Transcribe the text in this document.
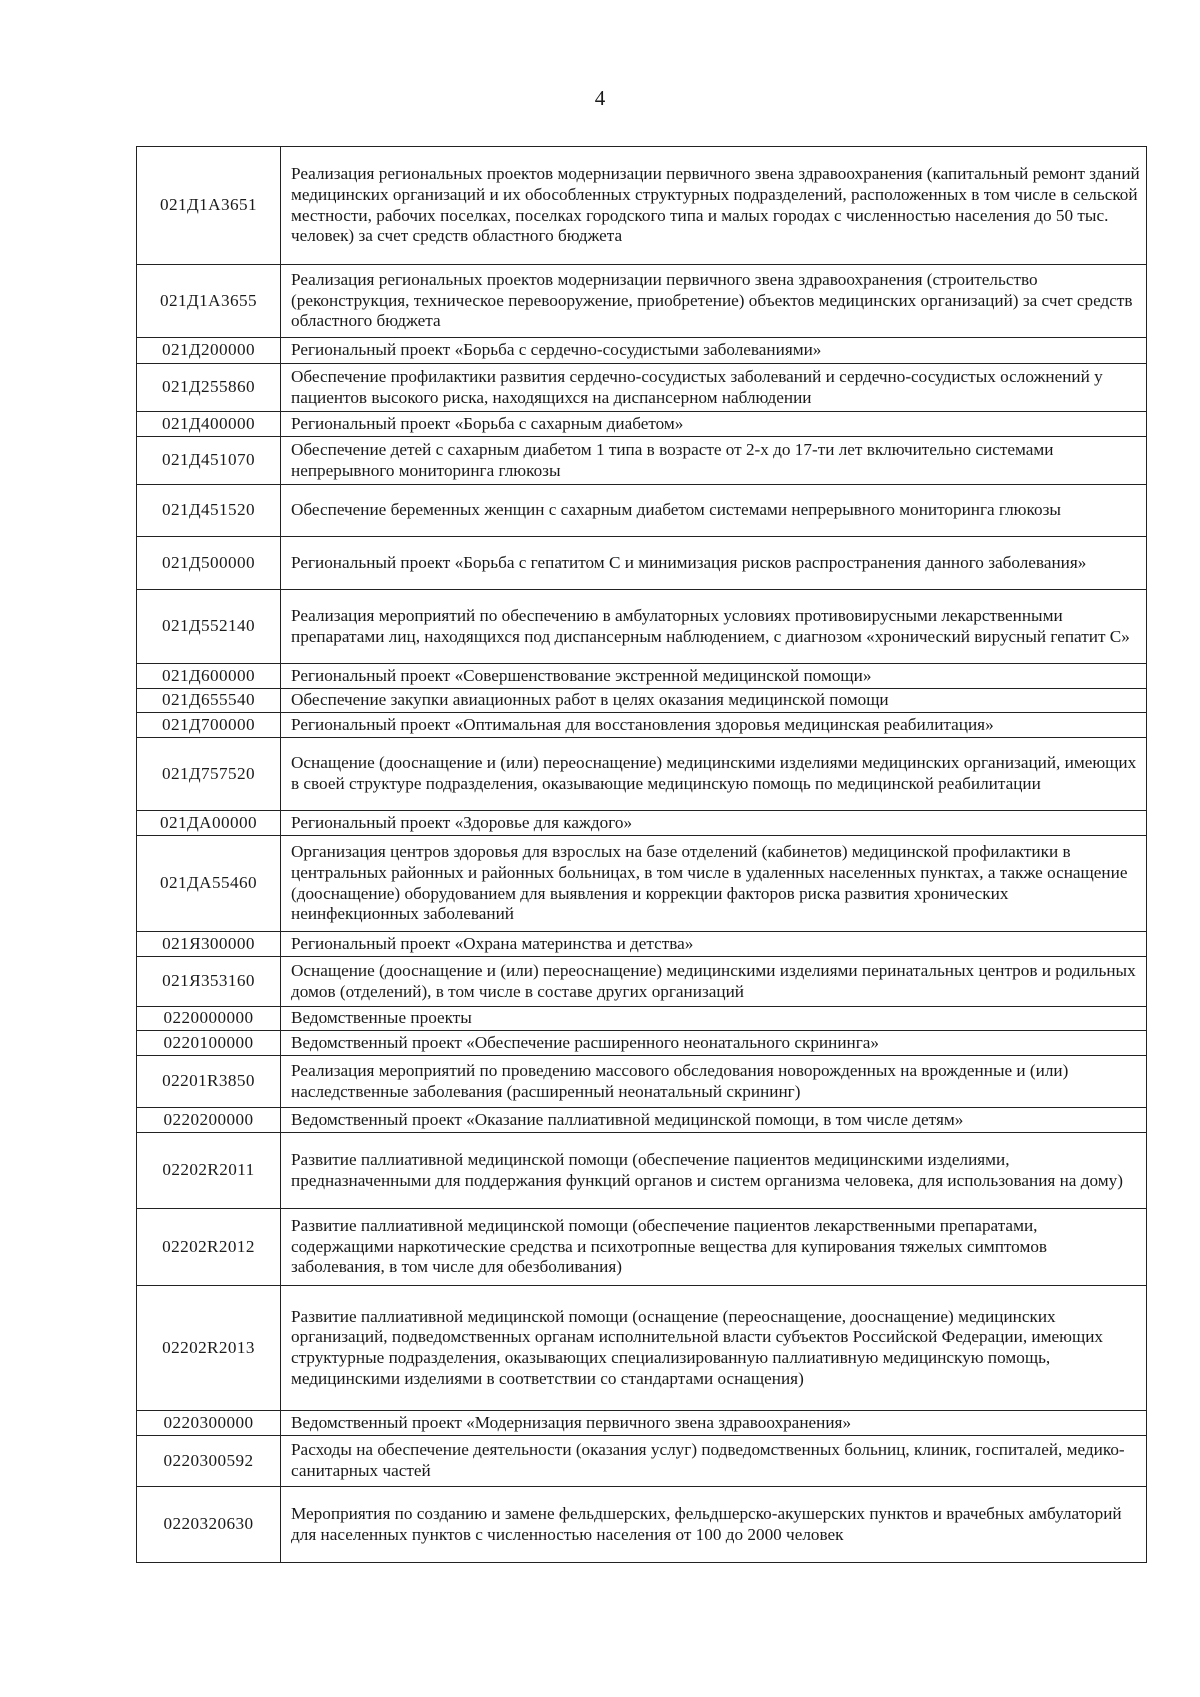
4
021Д1А3651	Реализация региональных проектов модернизации первичного звена здравоохранения (капитальный ремонт зданий медицинских организаций и их обособленных структурных подразделений, расположенных в том числе в сельской местности, рабочих поселках, поселках городского типа и малых городах с численностью населения до 50 тыс. человек) за счет средств областного бюджета
021Д1А3655	Реализация региональных проектов модернизации первичного звена здравоохранения (строительство (реконструкция, техническое перевооружение, приобретение) объектов медицинских организаций) за счет средств областного бюджета
021Д200000	Региональный проект «Борьба с сердечно-сосудистыми заболеваниями»
021Д255860	Обеспечение профилактики развития сердечно-сосудистых заболеваний и сердечно-сосудистых осложнений у пациентов высокого риска, находящихся на диспансерном наблюдении
021Д400000	Региональный проект «Борьба с сахарным диабетом»
021Д451070	Обеспечение детей с сахарным диабетом 1 типа в возрасте от 2-х до 17-ти лет включительно системами непрерывного мониторинга глюкозы
021Д451520	Обеспечение беременных женщин с сахарным диабетом системами непрерывного мониторинга глюкозы
021Д500000	Региональный проект «Борьба с гепатитом С и минимизация рисков распространения данного заболевания»
021Д552140	Реализация мероприятий по обеспечению в амбулаторных условиях противовирусными лекарственными препаратами лиц, находящихся под диспансерным наблюдением, с диагнозом «хронический вирусный гепатит С»
021Д600000	Региональный проект «Совершенствование экстренной медицинской помощи»
021Д655540	Обеспечение закупки авиационных работ в целях оказания медицинской помощи
021Д700000	Региональный проект «Оптимальная для восстановления здоровья медицинская реабилитация»
021Д757520	Оснащение (дооснащение и (или) переоснащение) медицинскими изделиями медицинских организаций, имеющих в своей структуре подразделения, оказывающие медицинскую помощь по медицинской реабилитации
021ДА00000	Региональный проект «Здоровье для каждого»
021ДА55460	Организация центров здоровья для взрослых на базе отделений (кабинетов) медицинской профилактики в центральных районных и районных больницах, в том числе в удаленных населенных пунктах, а также оснащение (дооснащение) оборудованием для выявления и коррекции факторов риска развития хронических неинфекционных заболеваний
021Я300000	Региональный проект «Охрана материнства и детства»
021Я353160	Оснащение (дооснащение и (или) переоснащение) медицинскими изделиями перинатальных центров и родильных домов (отделений), в том числе в составе других организаций
0220000000	Ведомственные проекты
0220100000	Ведомственный проект «Обеспечение расширенного неонатального скрининга»
02201R3850	Реализация мероприятий по проведению массового обследования новорожденных на врожденные и (или) наследственные заболевания (расширенный неонатальный скрининг)
0220200000	Ведомственный проект «Оказание паллиативной медицинской помощи, в том числе детям»
02202R2011	Развитие паллиативной медицинской помощи (обеспечение пациентов медицинскими изделиями, предназначенными для поддержания функций органов и систем организма человека, для использования на дому)
02202R2012	Развитие паллиативной медицинской помощи (обеспечение пациентов лекарственными препаратами, содержащими наркотические средства и психотропные вещества для купирования тяжелых симптомов заболевания, в том числе для обезболивания)
02202R2013	Развитие паллиативной медицинской помощи (оснащение (переоснащение, дооснащение) медицинских организаций, подведомственных органам исполнительной власти субъектов Российской Федерации, имеющих структурные подразделения, оказывающих специализированную паллиативную медицинскую помощь, медицинскими изделиями в соответствии со стандартами оснащения)
0220300000	Ведомственный проект «Модернизация первичного звена здравоохранения»
0220300592	Расходы на обеспечение деятельности (оказания услуг) подведомственных больниц, клиник, госпиталей, медико-санитарных частей
0220320630	Мероприятия по созданию и замене фельдшерских, фельдшерско-акушерских пунктов и врачебных амбулаторий для населенных пунктов с численностью населения от 100 до 2000 человек
